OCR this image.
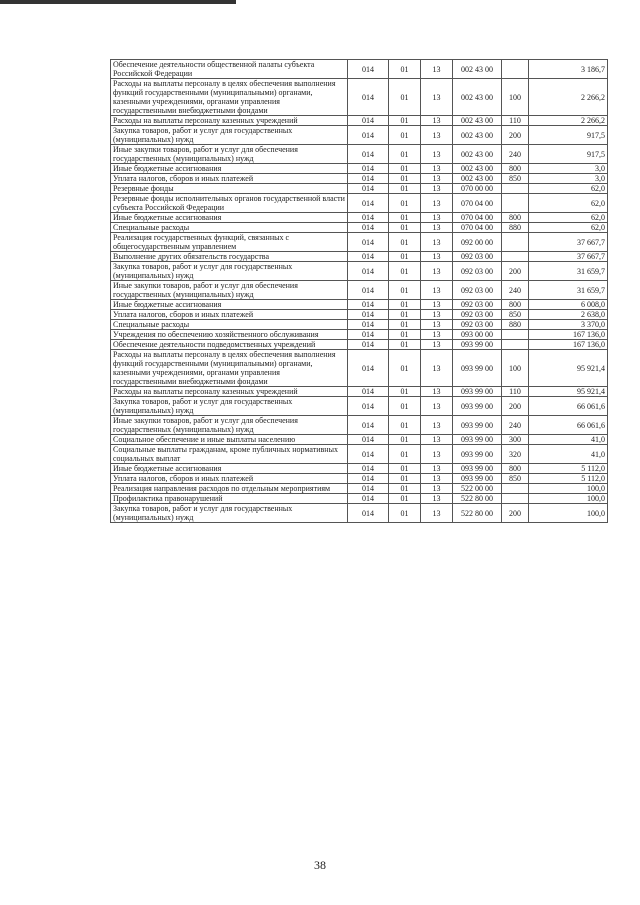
Обеспечение деятельности общественной палаты субъекта Российской Федерации	014	01	13	002 43 00		3 186,7
Расходы на выплаты персоналу в целях обеспечения выполнения функций государственными (муниципальными) органами, казенными учреждениями, органами управления государственными внебюджетными фондами	014	01	13	002 43 00	100	2 266,2
Расходы на выплаты персоналу казенных учреждений	014	01	13	002 43 00	110	2 266,2
Закупка товаров, работ и услуг для государственных (муниципальных) нужд	014	01	13	002 43 00	200	917,5
Иные закупки товаров, работ и услуг для обеспечения государственных (муниципальных) нужд	014	01	13	002 43 00	240	917,5
Иные бюджетные ассигнования	014	01	13	002 43 00	800	3,0
Уплата налогов, сборов и иных платежей	014	01	13	002 43 00	850	3,0
Резервные фонды	014	01	13	070 00 00		62,0
Резервные фонды исполнительных органов государственной власти субъекта Российской Федерации	014	01	13	070 04 00		62,0
Иные бюджетные ассигнования	014	01	13	070 04 00	800	62,0
Специальные расходы	014	01	13	070 04 00	880	62,0
Реализация государственных функций, связанных с общегосударственным управлением	014	01	13	092 00 00		37 667,7
Выполнение других обязательств государства	014	01	13	092 03 00		37 667,7
Закупка товаров, работ и услуг для государственных (муниципальных) нужд	014	01	13	092 03 00	200	31 659,7
Иные закупки товаров, работ и услуг для обеспечения государственных (муниципальных) нужд	014	01	13	092 03 00	240	31 659,7
Иные бюджетные ассигнования	014	01	13	092 03 00	800	6 008,0
Уплата налогов, сборов и иных платежей	014	01	13	092 03 00	850	2 638,0
Специальные расходы	014	01	13	092 03 00	880	3 370,0
Учреждения по обеспечению хозяйственного обслуживания	014	01	13	093 00 00		167 136,0
Обеспечение деятельности подведомственных учреждений	014	01	13	093 99 00		167 136,0
Расходы на выплаты персоналу в целях обеспечения выполнения функций государственными (муниципальными) органами, казенными учреждениями, органами управления государственными внебюджетными фондами	014	01	13	093 99 00	100	95 921,4
Расходы на выплаты персоналу казенных учреждений	014	01	13	093 99 00	110	95 921,4
Закупка товаров, работ и услуг для государственных (муниципальных) нужд	014	01	13	093 99 00	200	66 061,6
Иные закупки товаров, работ и услуг для обеспечения государственных (муниципальных) нужд	014	01	13	093 99 00	240	66 061,6
Социальное обеспечение и иные выплаты населению	014	01	13	093 99 00	300	41,0
Социальные выплаты гражданам, кроме публичных нормативных социальных выплат	014	01	13	093 99 00	320	41,0
Иные бюджетные ассигнования	014	01	13	093 99 00	800	5 112,0
Уплата налогов, сборов и иных платежей	014	01	13	093 99 00	850	5 112,0
Реализация направления расходов по отдельным мероприятиям	014	01	13	522 00 00		100,0
Профилактика правонарушений	014	01	13	522 80 00		100,0
Закупка товаров, работ и услуг для государственных (муниципальных) нужд	014	01	13	522 80 00	200	100,0
38
